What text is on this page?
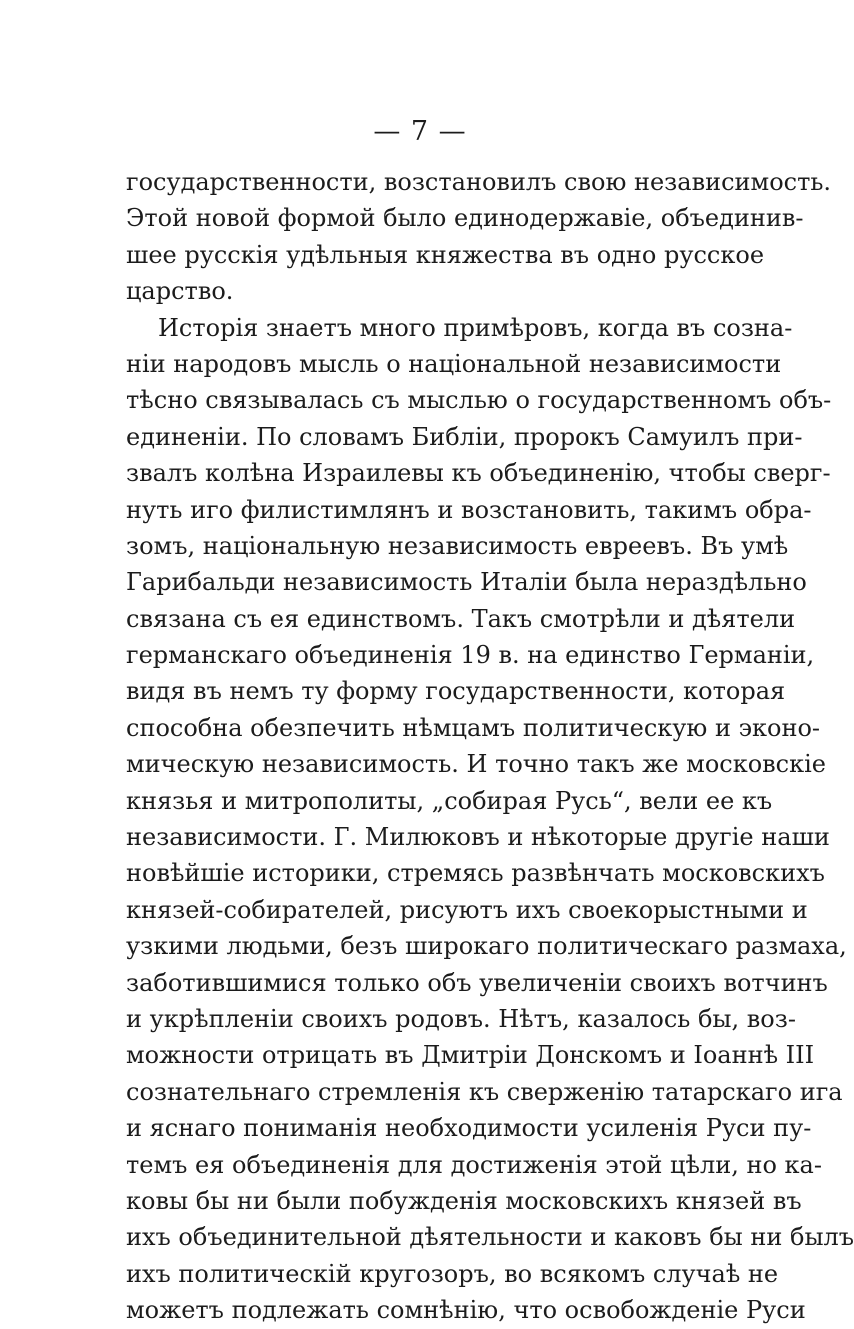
— 7 —
государственности, возстановилъ свою независимость.
Этой новой формой было единодержавіе, объединив-
шее русскія удѣльныя княжества въ одно русское
царство.
Исторія знаетъ много примѣровъ, когда въ созна-
ніи народовъ мысль о національной независимости
тѣсно связывалась съ мыслью о государственномъ объ-
единеніи. По словамъ Библіи, пророкъ Самуилъ при-
звалъ колѣна Израилевы къ объединенію, чтобы сверг-
нуть иго филистимлянъ и возстановить, такимъ обра-
зомъ, національную независимость евреевъ. Въ умѣ
Гарибальди независимость Италіи была нераздѣльно
связана съ ея единствомъ. Такъ смотрѣли и дѣятели
германскаго объединенія 19 в. на единство Германіи,
видя въ немъ ту форму государственности, которая
способна обезпечить нѣмцамъ политическую и эконо-
мическую независимость. И точно такъ же московскіе
князья и митрополиты, „собирая Русь“, вели ее къ
независимости. Г. Милюковъ и нѣкоторые другіе наши
новѣйшіе историки, стремясь развѣнчать московскихъ
князей-собирателей, рисуютъ ихъ своекорыстными и
узкими людьми, безъ широкаго политическаго размаха,
заботившимися только объ увеличеніи своихъ вотчинъ
и укрѣпленіи своихъ родовъ. Нѣтъ, казалось бы, воз-
можности отрицать въ Дмитріи Донскомъ и Іоаннѣ III
сознательнаго стремленія къ сверженію татарскаго ига
и яснаго пониманія необходимости усиленія Руси пу-
темъ ея объединенія для достиженія этой цѣли, но ка-
ковы бы ни были побужденія московскихъ князей въ
ихъ объединительной дѣятельности и каковъ бы ни былъ
ихъ политическій кругозоръ, во всякомъ случаѣ не
можетъ подлежать сомнѣнію, что освобожденіе Руси
